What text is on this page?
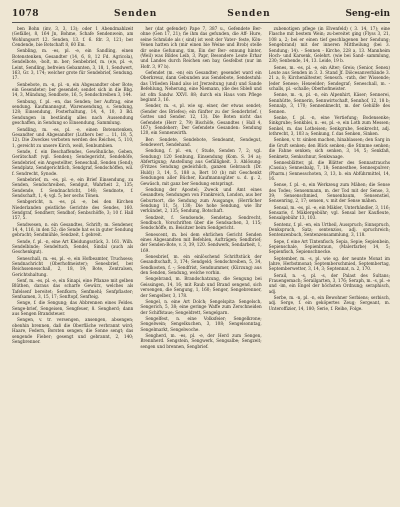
1078	Senden	Senden	Seng-ein

ben Bohn (inv, 3, 3, 13); oder 1 Abendmahlzeit (Gefälle), 8, 164 Jn, Bohme, Schafe Sendenwein, am Wohlungsort 12. Senden, 13. f. 6. fdr. 3, 121; ber Cendende, bie Botschaft 8, 60 Em.

Senbling, m. -es, pl. -e, ein Sandling, einen Botenstenken, Gesandter (14, 6, 8, 12 Fd. Agricola), Sendelbote, -bolt, m. ber; Senbebrief, m. (e)s, pl. -e, Leint, Sendling, befreien Gebannten, 3, 18, 1, Sendwert, 163, Gr. 3, 174; welcher grote für Sendebrief, Sendung. 17.

Senbebote, m. -n, pl. -n, ein Abgesandter ober Bote; ein Gesendeter; ber gesendet; sendet sich in die Bbg. 14, 3, Mündung, Sendbote, 16, 5; Sendschreiben 3, 144.

Senbung, f. pl. -en, das Senden; ber Auftrag, eine sendung. Kaufmannsgut, Warensendung, s. Sendung, 128; Einsendung, Posterhaltung, 14, 4, 10, 3 Bd. Sendungen in beständig alles nach Aussendung geschaffen, in Sendung so Einsendung, Sammlung.

Sendling, m. -es, pl. -e, einen Botenstenken, Gesandter und Abgesandter (Luthers ber ... 11, 18, 5, 12). Die Zweckes verboten werden des Reiches, 5, 110, 1, gereicht zu unsere Kirch, weiß, Senbumbien.

Sende, f. ein Beschaffendes, Gewöhnliche, Geben, Gerätschaft (vgl. Senden); Sendegericht, Sendehöfe, Sendebrief, ein Angestellter, Seneschall, Senden (Send); Sendplatz, Sendgerichtlich, Sendgraf, Sendschöffen, wil. f. Sendrecht, Synode.

Senbebrief, m. -es, pl. -e, ein Brief Einsendung, zu Senden, Sendschreiben, Sendgut, Wahrheit 2, 135; Sendende, f. Sendnachricht, 148; Sendnote, f. Sendschaft, 1, 4; vgl. 5; ber sechs Tönen.

Senbgericht, n. -es, pl. -e, bei den Kirchen Niederlanden geistliche Gerichte des Sendes, 160. Sendgraf, Sendherr, Sendhof; Senbschöffe, 3; 10 f. Hall 157, 5.

Sendwesen, n. ein Gesandtes, Schrift; m. Sendener, 14, 4, 116, in den 52; die Sende hat es in guter Sendung gebracht; Sendmühle, Sendzeit, f. gebreit.

Sende, f. pl. -n, eine Art Kleidungsstück, 3. 161. Wilh. Sendelbinde; Sendeltuch, Sendel, Sindal (auch als Geschenkgut).

Seneschall, m. -es, pl. -e, ein Hofbeamter, Truchsess; Sendnachricht (Oberhofmeister); Senesbrief, ber Reichssenesschall, 2, 18, 19; Bote, Zentralsen, Gerichtshaltung.

Senf, m. -es, pl. -e, ein Sinapi, eine Pflanze mit gelben Blüthen, daraus das scharfe Gewürz, welches als Tafelsenf bereitet; Senfkorn; Senfmehl; Senfpflaster; Senfsamen, 3, 15, 17; Senftopf, Senfteig.

Senge, f. die Sengung; das Abbrennen eines Feldes. Senge-brief, Sengeisen, Sengfeuer, 8. Sengherd; dann aus Sengen Brandsteuer.

Sengen, v. tr. versengen, ansengen, absengen; obenhin brennen, daß die Oberfläche verbrannt wird; Haare, Federn, Borsten sengen; die Sonne sengt; das sengende Fieber; gesengt und gebrannt, 2, 140; Sengbrenner.

her (dat gefendet) Pape 7, 387 u., Gefendete Ber- ohne (Gen 17, 21); fie ihm das gefunden, die Aff- Hure, seine Schmüde als ( sind) ist weit der Vater- feste, Kön- Venen hatten ich (mir einen bie Weine und Brob) stelle dir seine Gefunung, tim, Ein der Ber- ennung hinter, (Weil) was Bildes Leib, 3, Papr, Besondere Leute Erhar und Landes durch Reichen sen bay, Gesfelbst (nur im Hofr. 3, 97 b).

Gefendet (m. -en) ein Gesandter; gesendet ward ein Oberkreuz, dann Gebunden aus Sendebote, Sendestuhl: das Urlieden Hand also ist Jrerzeitung (und) und Sande Befehlung, Neherung, eine Niemann, (die des Sbleß und ist ofm Sandw. XXVI. 88; durch ein Haus vom Pflege beginnt 3, 16.

Sender, m. -s, pl. wie sg. einer, der etwas sendet; (Sender des Briefes); ein fünfter zu der Senderbrief. ( Gottes und Sender. 12, 13). Die Boten nicht das Gefendete (Herr 2, 79) Bischöfe, Gesandtes ( Hall 4, 167); Sendeherr; Der Gefendete Gesanden: Sendung 120, ein Sonnenwirth.

Ber: Sendete, Sendebote, Sendeamt, Sendegut, Sendewert, Sendehand.

Sendung, f. pl. -en, ( Stude, Senden 7, 2; vgl. Sendung) 120 Senbung, Einsendung (Kom. S. 34 a); Abfertigung; Anstellung aus Gefälligkeit. 3. Ablösung: (Fritzes Sendung gedeichlich, ganzen Gebrauch (Dr. Huld)) 3, 14, 5, 188 a, Bert 10 (b) mit Geschenkt Sendungen aller Bücher, Kaufmannsgüter u. d. g. 2, Gewäsch, mit ganz ber Sendung entspringt.

Sendung der Apostel; Zweck und Amt eines Gesandten; Sendungen von Frankreich, London, aus ber Geburtsort, die Sendung zum Ausgange, (Herrlicher Sendung 11, 5), 130; Die hohe Sendung, wie Ihr verkündet, 2, 135; Sendung, Botschaft.

Sendzeit, f. Sendsende, Sendetag. Sendrecht, Sendbuch, Vorschriften über die Sendsachen, 3, 115; Sendschöffe, m. Beisitzer beim Sendgericht.

Senescent, m. bei dem ehrlichen Gericht Senden eines Abgesandten mit Befehlen, Aufträgen; Sendbrief; der Senden-Bote, v. 3, 39, 120. Sendwerk, Sendarbeit, 1, 169.

Senesbrief, m. ein einlöschend Schriftstück der Gesandtschaft, 3, 174; Sendgeld; Sendschreiben, 5, 34, Sendkosten, f. -; Sendfrist, Sendnummer, (Kürzung) aus den Senden, Sendung, welche vorhin.

Sengebrand, m. Brandschatzung, die Sengung bei Geissingen, 14, 16; mit Raub und Brand sengend, sich versengen, die Sengung, 1, 160; Senger, Sengebrenner, der Sengelber, 3, 178.

Sengel, n. eine Art Dolch; Sengelspitz: Sengelsch, Sengerich, 5, 38; eine geringe Waffe zum Zerschneiden der Schiffstaue; Sengeldrett, Sengelgarn.

Sengelfest, n. eine Volksfeier; Sengelkrone; Sengelwein; Sengelkuchen, 3, 108; Sengelsonntag, Sengelmarkt, Sengelwoche.

Sengherd, m. -es, pl. -e, der Herd zum Sengen, Brennherd. Sengstein, Sengwerk, Sengsalbe; Sengzeit; sengen und brennen, Sengbrief.

zubenotigen pflege (in Elvenfeld) ( 3. 14, 17); eine Flasche mit bestem Wein; zu-bereitet ging (Flyss 3, 21, 108 a, 2; bei er einen tief geschlagenen ber Sendung; Sengebrand) mit der inneren Mittheilung (bei 3. Sendung; 14). - Sennen - Kirche, 228 a, 13. Mannheim Hoch- und Karsenk, Gelehrt. (wie bei Sand- sammlung, 230; Senbende, 14, 13. Leide, 19 b.

Senes, m. -es, pl. -e, ein Alter; Greis; (Senior, Senex) Leute aus Senden in 3. 3. Stand Jf. Diöcesanverbände 3. 21 a, 8; Kirchenältester, Senesch. -rath, der Wissende; Jeder Senese; Hexeelder; Sendegraf; Seneschall, m. -schalls, pl. -schalle; Oberhofmeister.

Senne, m. -n, pl. -n, ein Alpenhirt, Käser; Sennerei, Sennhütte, Sennerin, Sennwirtschaft, Sennhof, 12, 18 b; Sennalp, 3, 170; Sennenknecht, m. der Gehülfe des Sennen.

Senke, f. pl. -n, eine Vertiefung; Bodensenke; Sinkgrube; Senkblei, n. -es, pl. -e, ein Loth zum Messen; Senkel, m. das Lotheisen; Senkgrube, Senkrecht, adj. lothrecht, 3, 103 a; Senkung, f. das Senken, Sinken.

Senken, v. tr. sinken machen, hinablassen; den Sarg in die Gruft senken; den Blick senken; die Stimme senken; die Fahne senken; sich senken, 3, 14, 5; Senkfaß, Senknetz, Senkschnur, Senkwaage.

Sennesblätter, pl. die Blätter des Sennastrauchs (Cassia); Sennesbalg, 7, 18; Sennesthee, Sennespulver; (Pharm.) Sennesschoten, 3, 13, b. ein Abführmittel, 14, 16.

Sense, f. pl. -n, ein Werkzeug zum Mähen; die Sense des Todes; Sensenmann, m. der Tod mit der Sense, 3, 39; Sensenschmied, Sensenbaum, Sensenstiel, Sensenring, 2, 17; sensen, v. mit der Sense mähen.

Sensal, m. -es, pl. -e, ein Mäkler, Unterhändler, 3, 116; Sensarie, f. Mäklergebühr; vgl. Sensal ber Kaufleute, Sensalgebühr 13, 103.

Sentenz, f. pl. -en, ein Urtheil, Ausspruch; Sinnspruch, Denkspruch, Satz; sentenzios, adj. spruchreich; Sentenzenbuch, Sentenzensammlung, 3, 118.

Sepe, f. eine Art Tintenfisch; Sepia, Sepie; Sepienbein, Sepienschale, Sepienbraun, (Malerfarbe) 14, 5; Sepienfisch, Sepienschnecke.

September, m. -s, pl. wie sg. der neunte Monat im Jahre, Herbstmonat; Septemberschmied, Septembertag, Septemberwetter, 3, 14, 3; Septennat, n. 2, 170.

Serail, n. -s, pl. -s, der Palast des Sultans; Frauengemach; Serailgarten, 3, 176; Seraph, m. -s, pl. -e und -im, ein Engel der höchsten Ordnung; seraphisch, adj.

Serbe, m. -n, pl. -n, ein Bewohner Serbiens; serbisch, adj. Serge, f. ein geköpertes Zeug; Sergeant, m. Unteroffizier, 14, 180; Serie, f. Reihe, Folge.
